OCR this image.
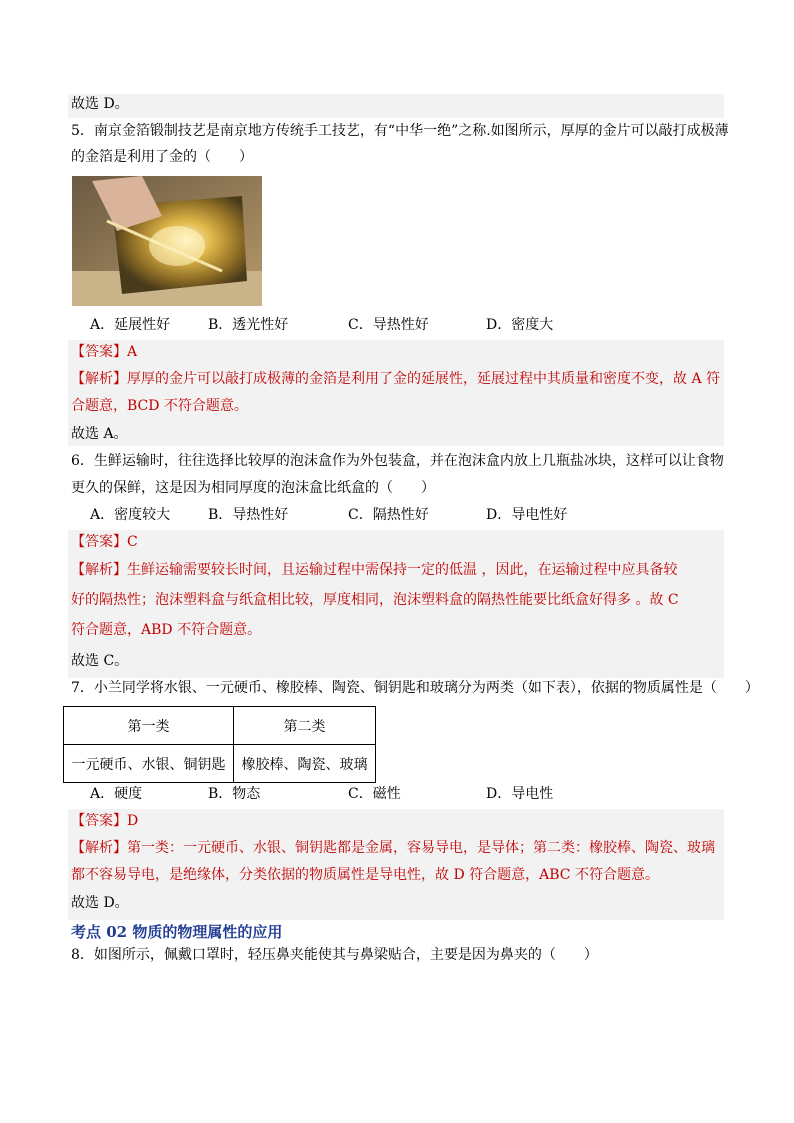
故选 D。
5．南京金箔锻制技艺是南京地方传统手工技艺，有“中华一绝”之称.如图所示，厚厚的金片可以敲打成极薄
的金箔是利用了金的（　　）
A．延展性好	B．透光性好	C．导热性好	D．密度大
【答案】A
【解析】厚厚的金片可以敲打成极薄的金箔是利用了金的延展性，延展过程中其质量和密度不变，故 A 符
合题意，BCD 不符合题意。
故选 A。
6．生鲜运输时，往往选择比较厚的泡沫盒作为外包装盒，并在泡沫盒内放上几瓶盐冰块，这样可以让食物
更久的保鲜，这是因为相同厚度的泡沫盒比纸盒的（　　）
A．密度较大	B．导热性好	C．隔热性好	D．导电性好
【答案】C
【解析】生鲜运输需要较长时间，且运输过程中需保持一定的低温 ，因此，在运输过程中应具备较
好的隔热性；泡沫塑料盒与纸盒相比较，厚度相同，泡沫塑料盒的隔热性能要比纸盒好得多 。故 C
符合题意，ABD 不符合题意。
故选 C。
7．小兰同学将水银、一元硬币、橡胶棒、陶瓷、铜钥匙和玻璃分为两类（如下表），依据的物质属性是（　　）
第一类	第二类
一元硬币、水银、铜钥匙	橡胶棒、陶瓷、玻璃
A．硬度	B．物态	C．磁性	D．导电性
【答案】D
【解析】第一类：一元硬币、水银、铜钥匙都是金属，容易导电，是导体；第二类：橡胶棒、陶瓷、玻璃
都不容易导电，是绝缘体，分类依据的物质属性是导电性，故 D 符合题意，ABC 不符合题意。
故选 D。
考点 02 物质的物理属性的应用
8．如图所示，佩戴口罩时，轻压鼻夹能使其与鼻梁贴合，主要是因为鼻夹的（　　）
